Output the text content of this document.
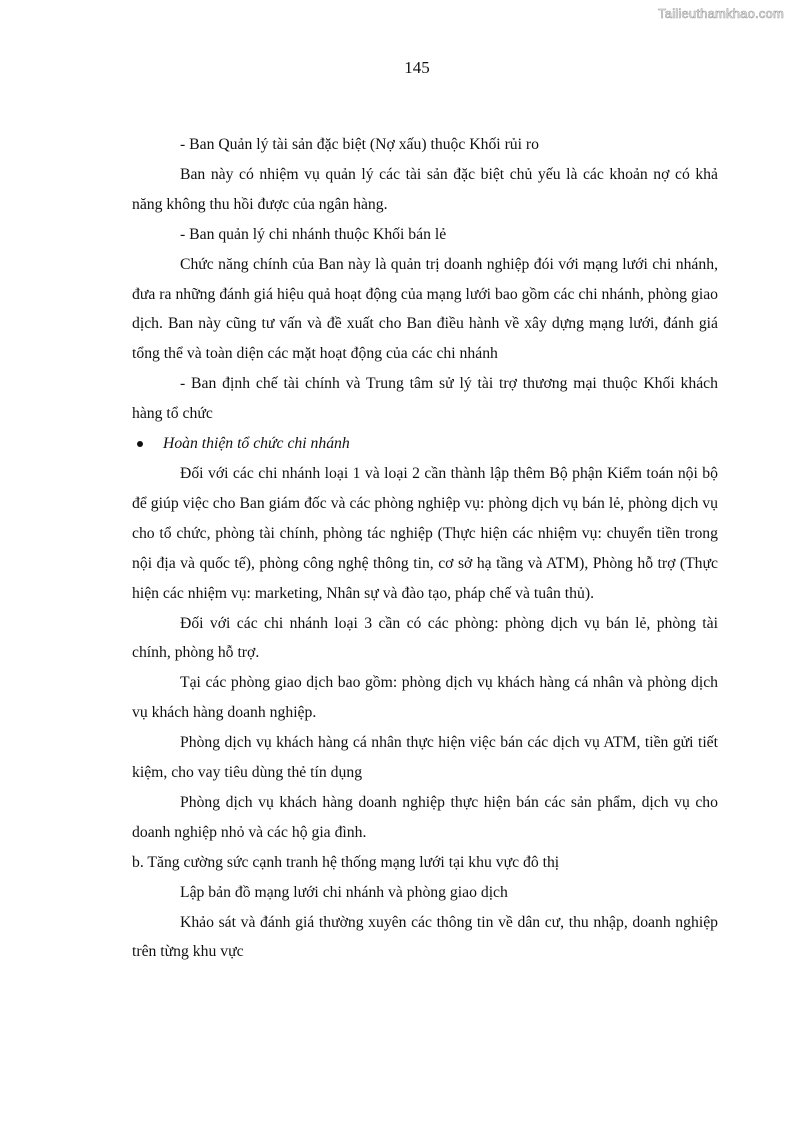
Tailieuthamkhao.com
145

- Ban Quản lý tài sản đặc biệt (Nợ xấu) thuộc Khối rủi ro

Ban này có nhiệm vụ quản lý các tài sản đặc biệt chủ yếu là các khoản nợ có khả năng không thu hồi được của ngân hàng.

- Ban quản lý chi nhánh thuộc Khối bán lẻ

Chức năng chính của Ban này là quản trị doanh nghiệp đói với mạng lưới chi nhánh, đưa ra những đánh giá hiệu quả hoạt động của mạng lưới bao gồm các chi nhánh, phòng giao dịch. Ban này cũng tư vấn và đề xuất cho Ban điều hành về xây dựng mạng lưới, đánh giá tổng thể và toàn diện các mặt hoạt động của các chi nhánh

- Ban định chế tài chính và Trung tâm sử lý tài trợ thương mại thuộc Khối khách hàng tổ chức

Hoàn thiện tổ chức chi nhánh

Đối với các chi nhánh loại 1 và loại 2 cần thành lập thêm Bộ phận Kiểm toán nội bộ để giúp việc cho Ban giám đốc và các phòng nghiệp vụ: phòng dịch vụ bán lẻ, phòng dịch vụ cho tổ chức, phòng tài chính, phòng tác nghiệp (Thực hiện các nhiệm vụ: chuyển tiền trong nội địa và quốc tế), phòng công nghệ thông tin, cơ sở hạ tầng và ATM), Phòng hỗ trợ (Thực hiện các nhiệm vụ: marketing, Nhân sự và đào tạo, pháp chế và tuân thủ).

Đối với các chi nhánh loại 3 cần có các phòng: phòng dịch vụ bán lẻ, phòng tài chính, phòng hỗ trợ.

Tại các phòng giao dịch bao gồm: phòng dịch vụ khách hàng cá nhân và phòng dịch vụ khách hàng doanh nghiệp.

Phòng dịch vụ khách hàng cá nhân thực hiện việc bán các dịch vụ ATM, tiền gửi tiết kiệm, cho vay tiêu dùng thẻ tín dụng

Phòng dịch vụ khách hàng doanh nghiệp thực hiện bán các sản phẩm, dịch vụ cho doanh nghiệp nhỏ và các hộ gia đình.

b. Tăng cường sức cạnh tranh hệ thống mạng lưới tại khu vực đô thị

Lập bản đồ mạng lưới chi nhánh và phòng giao dịch

Khảo sát và đánh giá thường xuyên các thông tin về dân cư, thu nhập, doanh nghiệp trên từng khu vực
